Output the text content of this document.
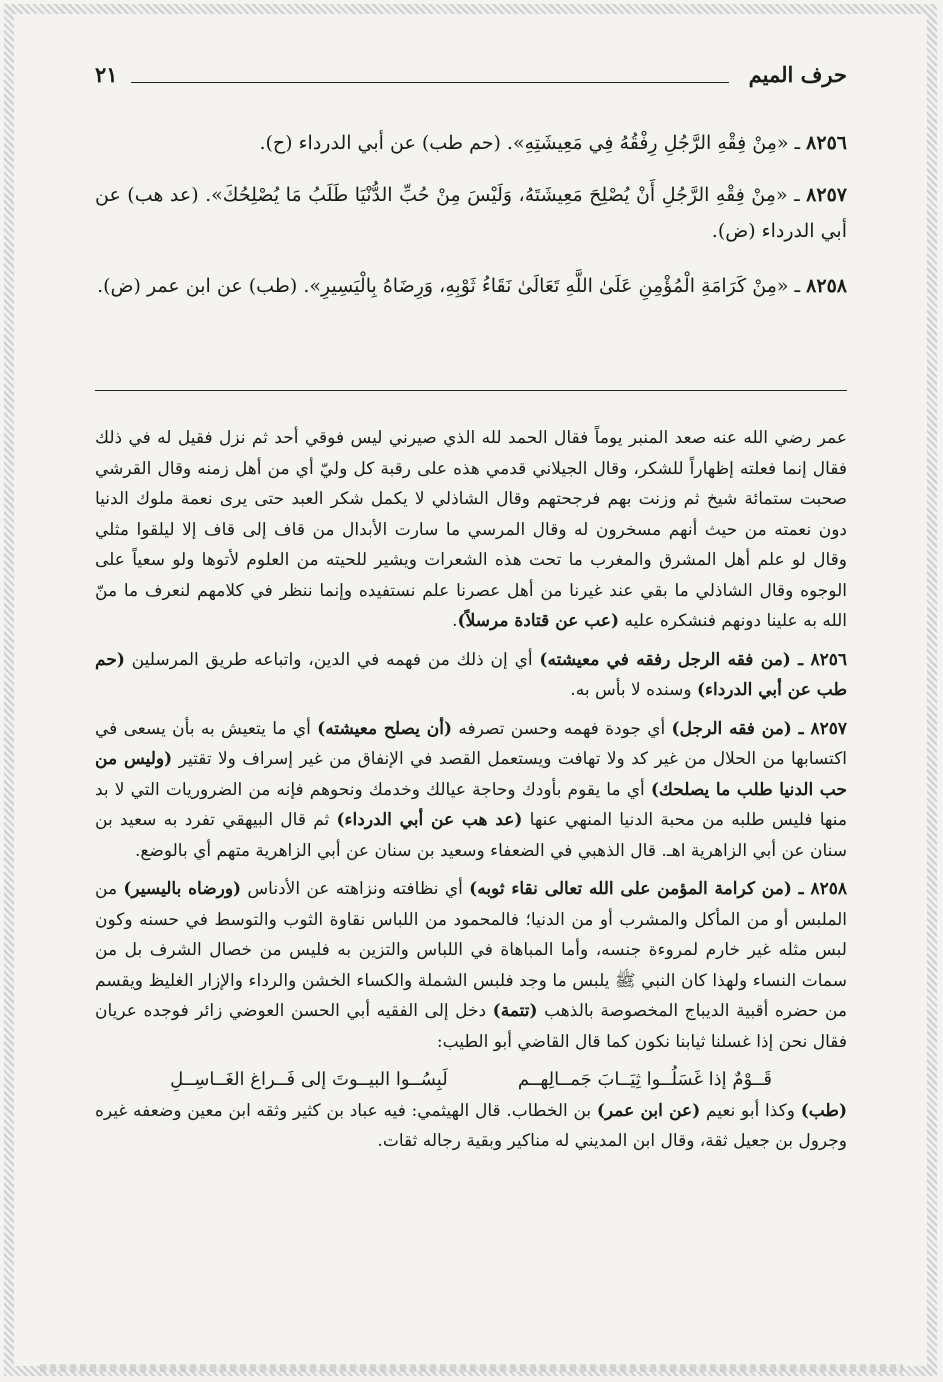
حرف الميم
٢١
٨٢٥٦ ـ «مِنْ فِقْهِ الرَّجُلِ رِفْقُهُ فِي مَعِيشَتِهِ». (حم طب) عن أبي الدرداء (ح).
٨٢٥٧ ـ «مِنْ فِقْهِ الرَّجُلِ أَنْ يُصْلِحَ مَعِيشَتَهُ، وَلَيْسَ مِنْ حُبِّ الدُّنْيَا طَلَبُ مَا يُصْلِحُكَ». (عد هب) عن أبي الدرداء (ض).
٨٢٥٨ ـ «مِنْ كَرَامَةِ الْمُؤْمِنِ عَلَىٰ اللَّهِ تَعَالَىٰ نَقَاءُ ثَوْبِهِ، وَرِضَاهُ بِالْيَسِيرِ». (طب) عن ابن عمر (ض).

عمر رضي الله عنه صعد المنبر يوماً فقال الحمد لله الذي صيرني ليس فوقي أحد ثم نزل فقيل له في ذلك فقال إنما فعلته إظهاراً للشكر، وقال الجيلاني قدمي هذه على رقبة كل وليّ أي من أهل زمنه وقال القرشي صحبت ستمائة شيخ ثم وزنت بهم فرجحتهم وقال الشاذلي لا يكمل شكر العبد حتى يرى نعمة ملوك الدنيا دون نعمته من حيث أنهم مسخرون له وقال المرسي ما سارت الأبدال من قاف إلى قاف إلا ليلقوا مثلي وقال لو علم أهل المشرق والمغرب ما تحت هذه الشعرات ويشير للحيته من العلوم لأتوها ولو سعياً على الوجوه وقال الشاذلي ما بقي عند غيرنا من أهل عصرنا علم نستفيده وإنما ننظر في كلامهم لنعرف ما منّ الله به علينا دونهم فنشكره عليه (عب عن قتادة مرسلاً).

٨٢٥٦ ـ (من فقه الرجل رفقه في معيشته) أي إن ذلك من فهمه في الدين، واتباعه طريق المرسلين (حم طب عن أبي الدرداء) وسنده لا بأس به.

٨٢٥٧ ـ (من فقه الرجل) أي جودة فهمه وحسن تصرفه (أن يصلح معيشته) أي ما يتعيش به بأن يسعى في اكتسابها من الحلال من غير كد ولا تهافت ويستعمل القصد في الإنفاق من غير إسراف ولا تقتير (وليس من حب الدنيا طلب ما يصلحك) أي ما يقوم بأودك وحاجة عيالك وخدمك ونحوهم فإنه من الضروريات التي لا بد منها فليس طلبه من محبة الدنيا المنهي عنها (عد هب عن أبي الدرداء) ثم قال البيهقي تفرد به سعيد بن سنان عن أبي الزاهرية اهـ. قال الذهبي في الضعفاء وسعيد بن سنان عن أبي الزاهرية متهم أي بالوضع.

٨٢٥٨ ـ (من كرامة المؤمن على الله تعالى نقاء ثوبه) أي نظافته ونزاهته عن الأدناس (ورضاه باليسير) من الملبس أو من المأكل والمشرب أو من الدنيا؛ فالمحمود من اللباس نقاوة الثوب والتوسط في حسنه وكون لبس مثله غير خارم لمروءة جنسه، وأما المباهاة في اللباس والتزين به فليس من خصال الشرف بل من سمات النساء ولهذا كان النبي ﷺ يلبس ما وجد فلبس الشملة والكساء الخشن والرداء والإزار الغليظ ويقسم من حضره أقبية الديباج المخصوصة بالذهب (تتمة) دخل إلى الفقيه أبي الحسن العوضي زائر فوجده عريان فقال نحن إذا غسلنا ثيابنا نكون كما قال القاضي أبو الطيب:

قَــوْمٌ إذا غَسَلُــوا ثِيَــابَ جَمــالِهــم
لَبِسُــوا البيــوتَ إلى فَــراغ الغَــاسِــلِ

(طب) وكذا أبو نعيم (عن ابن عمر) بن الخطاب. قال الهيثمي: فيه عباد بن كثير وثقه ابن معين وضعفه غيره وجرول بن جعيل ثقة، وقال ابن المديني له مناكير وبقية رجاله ثقات.
